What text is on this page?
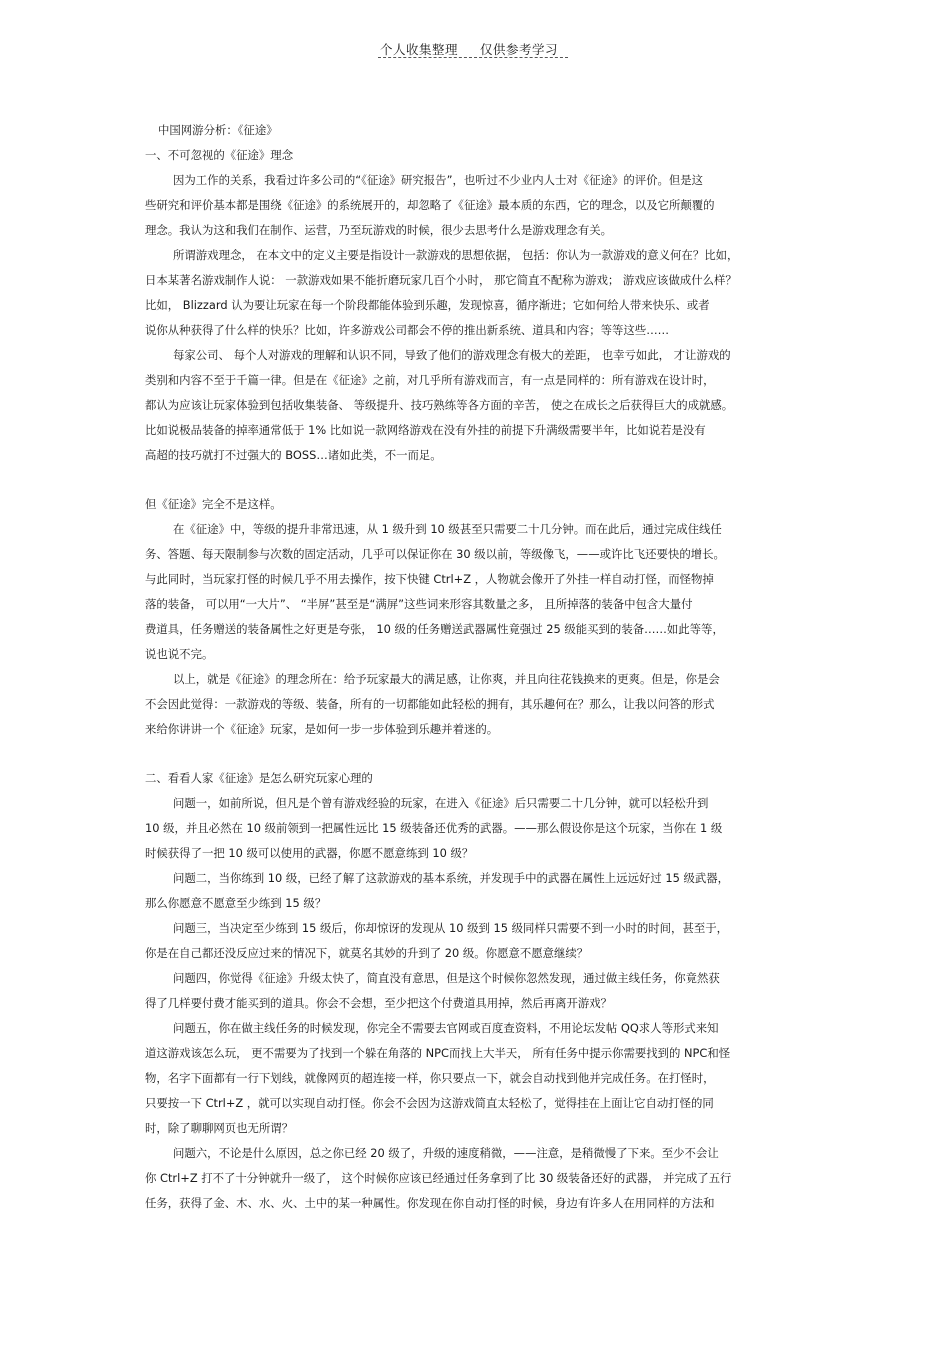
个人收集整理 仅供参考学习

中国网游分析：《征途》

一、不可忽视的《征途》理念

因为工作的关系，我看过许多公司的“《征途》研究报告”，也听过不少业内人士对《征途》的评价。但是这

些研究和评价基本都是围绕《征途》的系统展开的，却忽略了《征途》最本质的东西，它的理念，以及它所颠覆的

理念。我认为这和我们在制作、运营，乃至玩游戏的时候，很少去思考什么是游戏理念有关。

所谓游戏理念， 在本文中的定义主要是指设计一款游戏的思想依据， 包括：你认为一款游戏的意义何在？比如，

日本某著名游戏制作人说： 一款游戏如果不能折磨玩家几百个小时， 那它简直不配称为游戏； 游戏应该做成什么样？

比如， Blizzard 认为要让玩家在每一个阶段都能体验到乐趣，发现惊喜，循序渐进；它如何给人带来快乐、或者

说你从种获得了什么样的快乐？比如，许多游戏公司都会不停的推出新系统、道具和内容；等等这些……

每家公司、 每个人对游戏的理解和认识不同，导致了他们的游戏理念有极大的差距， 也幸亏如此， 才让游戏的

类别和内容不至于千篇一律。但是在《征途》之前，对几乎所有游戏而言，有一点是同样的：所有游戏在设计时，

都认为应该让玩家体验到包括收集装备、 等级提升、技巧熟练等各方面的辛苦， 使之在成长之后获得巨大的成就感。

比如说极品装备的掉率通常低于 1% 比如说一款网络游戏在没有外挂的前提下升满级需要半年，比如说若是没有

高超的技巧就打不过强大的 BOSS…诸如此类，不一而足。

但《征途》完全不是这样。

在《征途》中，等级的提升非常迅速，从 1 级升到 10 级甚至只需要二十几分钟。而在此后，通过完成住线任

务、答题、每天限制参与次数的固定活动，几乎可以保证你在 30 级以前，等级像飞，——或许比飞还要快的增长。

与此同时，当玩家打怪的时候几乎不用去操作，按下快键 Ctrl+Z ，人物就会像开了外挂一样自动打怪，而怪物掉

落的装备， 可以用“一大片”、 “半屏”甚至是“满屏”这些词来形容其数量之多， 且所掉落的装备中包含大量付

费道具，任务赠送的装备属性之好更是夸张， 10 级的任务赠送武器属性竟强过 25 级能买到的装备……如此等等，

说也说不完。

以上，就是《征途》的理念所在：给予玩家最大的满足感，让你爽，并且向往花钱换来的更爽。但是，你是会

不会因此觉得：一款游戏的等级、装备，所有的一切都能如此轻松的拥有，其乐趣何在？那么，让我以问答的形式

来给你讲讲一个《征途》玩家，是如何一步一步体验到乐趣并着迷的。

二、看看人家《征途》是怎么研究玩家心理的

问题一，如前所说，但凡是个曾有游戏经验的玩家，在进入《征途》后只需要二十几分钟，就可以轻松升到

10 级，并且必然在 10 级前领到一把属性远比 15 级装备还优秀的武器。——那么假设你是这个玩家，当你在 1 级

时候获得了一把 10 级可以使用的武器，你愿不愿意练到 10 级？

问题二，当你练到 10 级，已经了解了这款游戏的基本系统，并发现手中的武器在属性上远远好过 15 级武器，

那么你愿意不愿意至少练到 15 级？

问题三，当决定至少练到 15 级后，你却惊讶的发现从 10 级到 15 级同样只需要不到一小时的时间，甚至于，

你是在自己都还没反应过来的情况下，就莫名其妙的升到了 20 级。你愿意不愿意继续？

问题四，你觉得《征途》升级太快了，简直没有意思，但是这个时候你忽然发现，通过做主线任务，你竟然获

得了几样要付费才能买到的道具。你会不会想，至少把这个付费道具用掉，然后再离开游戏？

问题五，你在做主线任务的时候发现，你完全不需要去官网或百度查资料，不用论坛发帖 QQ求人等形式来知

道这游戏该怎么玩， 更不需要为了找到一个躲在角落的 NPC而找上大半天， 所有任务中提示你需要找到的 NPC和怪

物，名字下面都有一行下划线，就像网页的超连接一样，你只要点一下，就会自动找到他并完成任务。在打怪时，

只要按一下 Ctrl+Z ，就可以实现自动打怪。你会不会因为这游戏简直太轻松了，觉得挂在上面让它自动打怪的同

时，除了聊聊网页也无所谓？

问题六，不论是什么原因，总之你已经 20 级了，升级的速度稍微，——注意，是稍微慢了下来。至少不会让

你 Ctrl+Z 打不了十分钟就升一级了， 这个时候你应该已经通过任务拿到了比 30 级装备还好的武器， 并完成了五行

任务，获得了金、木、水、火、土中的某一种属性。你发现在你自动打怪的时候，身边有许多人在用同样的方法和
